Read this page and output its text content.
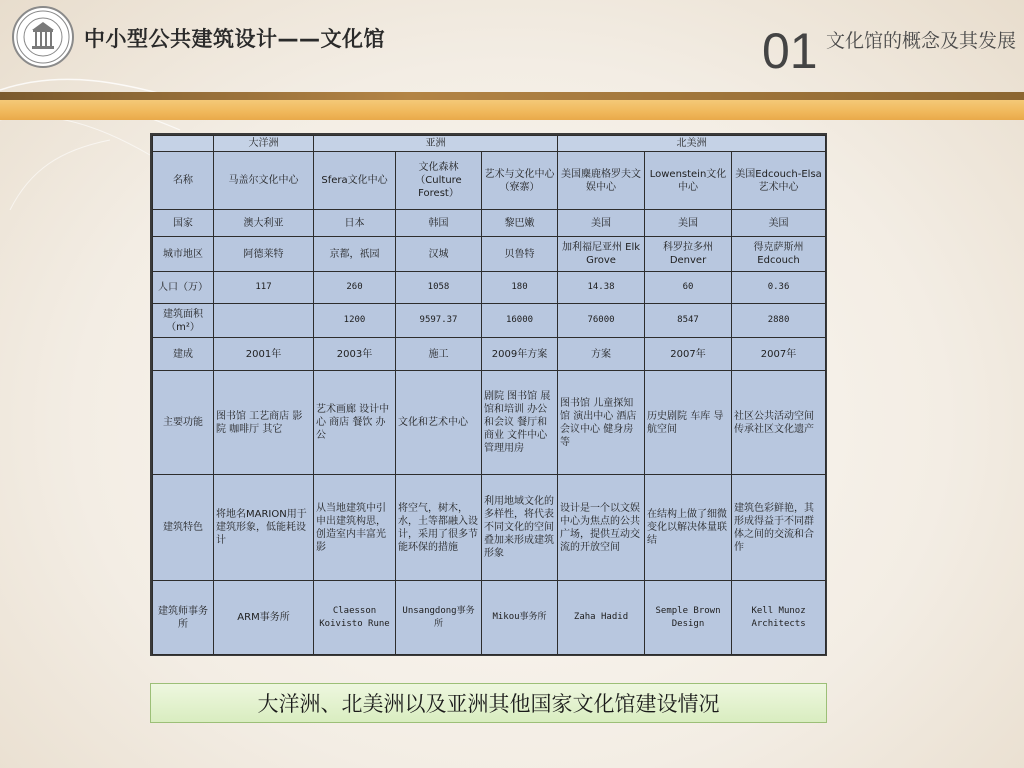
中小型公共建筑设计——文化馆	01 文化馆的概念及其发展
	大洋洲	亚洲			北美洲		
名称	马盖尔文化中心	Sfera文化中心	文化森林（Culture Forest）	艺术与文化中心（寮寨）	美国麋鹿格罗夫文娱中心	Lowenstein文化中心	美国Edcouch-Elsa艺术中心
国家	澳大利亚	日本	韩国	黎巴嫩	美国	美国	美国
城市地区	阿德莱特	京都，祇园	汉城	贝鲁特	加利福尼亚州 Elk Grove	科罗拉多州 Denver	得克萨斯州 Edcouch
人口（万）	117	260	1058	180	14.38	60	0.36
建筑面积（m²）		1200	9597.37	16000	76000	8547	2880
建成	2001年	2003年	施工	2009年方案	方案	2007年	2007年
主要功能	图书馆 工艺商店 影院 咖啡厅 其它	艺术画廊 设计中心 商店 餐饮 办公	文化和艺术中心	剧院 图书馆 展馆和培训 办公和会议 餐厅和商业 文件中心 管理用房	图书馆 儿童探知馆 演出中心 酒店 会议中心 健身房等	历史剧院 车库 导航空间	社区公共活动空间 传承社区文化遗产
建筑特色	将地名MARION用于建筑形象，低能耗设计	从当地建筑中引申出建筑构思，创造室内丰富光影	将空气，树木，水，土等都融入设计，采用了很多节能环保的措施	利用地域文化的多样性，将代表不同文化的空间叠加来形成建筑形象	设计是一个以文娱中心为焦点的公共广场，提供互动交流的开放空间	在结构上做了细微变化以解决体量联结	建筑色彩鲜艳，其形成得益于不同群体之间的交流和合作
建筑师事务所	ARM事务所	Claesson Koivisto Rune	Unsangdong事务所	Mikou事务所	Zaha Hadid	Semple Brown Design	Kell Munoz Architects
大洋洲、北美洲以及亚洲其他国家文化馆建设情况
